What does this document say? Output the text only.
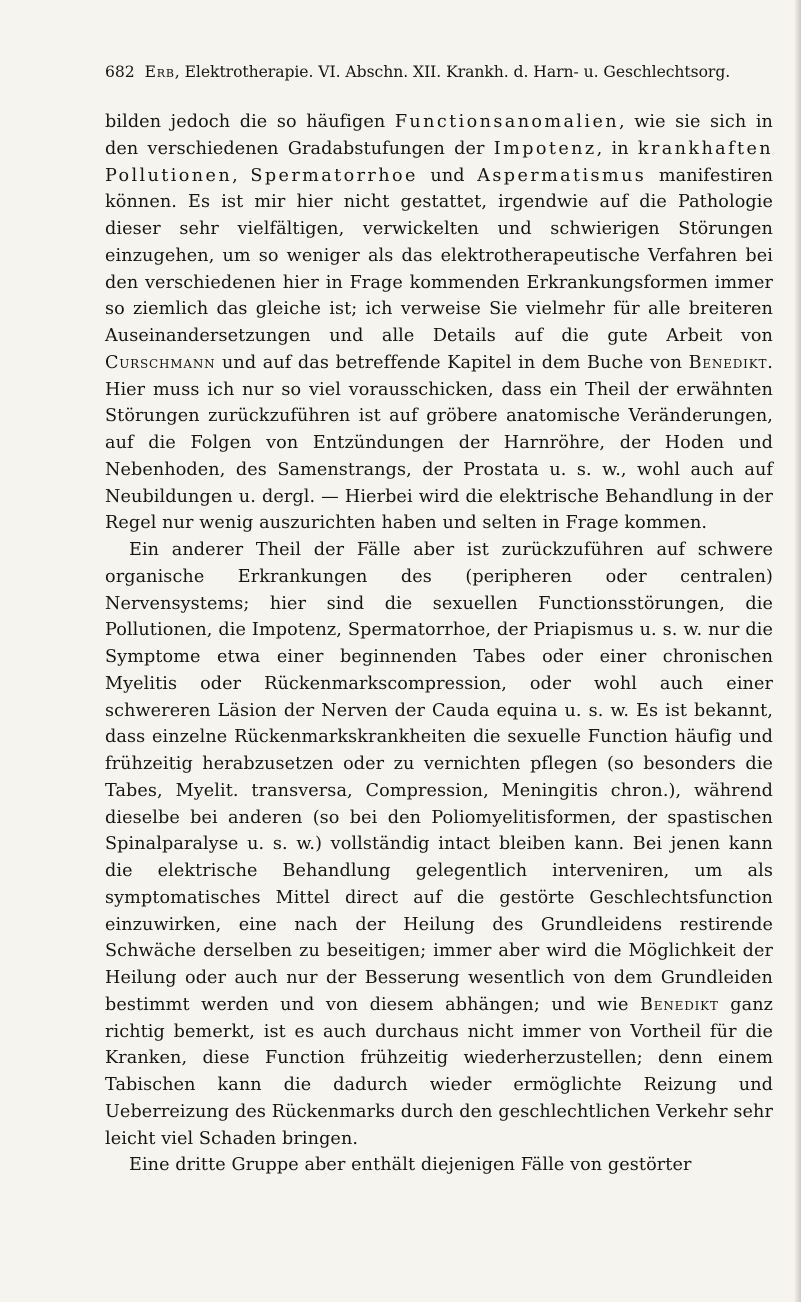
682 Erb, Elektrotherapie. VI. Abschn. XII. Krankh. d. Harn- u. Geschlechtsorg.

bilden jedoch die so häufigen Functionsanomalien, wie sie sich in den verschiedenen Gradabstufungen der Impotenz, in krankhaften Pollutionen, Spermatorrhoe und Aspermatismus manifestiren können. Es ist mir hier nicht gestattet, irgendwie auf die Pathologie dieser sehr vielfältigen, verwickelten und schwierigen Störungen einzugehen, um so weniger als das elektrotherapeutische Verfahren bei den verschiedenen hier in Frage kommenden Erkrankungsformen immer so ziemlich das gleiche ist; ich verweise Sie vielmehr für alle breiteren Auseinandersetzungen und alle Details auf die gute Arbeit von Curschmann und auf das betreffende Kapitel in dem Buche von Benedikt. Hier muss ich nur so viel vorausschicken, dass ein Theil der erwähnten Störungen zurückzuführen ist auf gröbere anatomische Veränderungen, auf die Folgen von Entzündungen der Harnröhre, der Hoden und Nebenhoden, des Samenstrangs, der Prostata u. s. w., wohl auch auf Neubildungen u. dergl. — Hierbei wird die elektrische Behandlung in der Regel nur wenig auszurichten haben und selten in Frage kommen.

Ein anderer Theil der Fälle aber ist zurückzuführen auf schwere organische Erkrankungen des (peripheren oder centralen) Nervensystems; hier sind die sexuellen Functionsstörungen, die Pollutionen, die Impotenz, Spermatorrhoe, der Priapismus u. s. w. nur die Symptome etwa einer beginnenden Tabes oder einer chronischen Myelitis oder Rückenmarkscompression, oder wohl auch einer schwereren Läsion der Nerven der Cauda equina u. s. w. Es ist bekannt, dass einzelne Rückenmarkskrankheiten die sexuelle Function häufig und frühzeitig herabzusetzen oder zu vernichten pflegen (so besonders die Tabes, Myelit. transversa, Compression, Meningitis chron.), während dieselbe bei anderen (so bei den Poliomyelitisformen, der spastischen Spinalparalyse u. s. w.) vollständig intact bleiben kann. Bei jenen kann die elektrische Behandlung gelegentlich interveniren, um als symptomatisches Mittel direct auf die gestörte Geschlechtsfunction einzuwirken, eine nach der Heilung des Grundleidens restirende Schwäche derselben zu beseitigen; immer aber wird die Möglichkeit der Heilung oder auch nur der Besserung wesentlich von dem Grundleiden bestimmt werden und von diesem abhängen; und wie Benedikt ganz richtig bemerkt, ist es auch durchaus nicht immer von Vortheil für die Kranken, diese Function frühzeitig wiederherzustellen; denn einem Tabischen kann die dadurch wieder ermöglichte Reizung und Ueberreizung des Rückenmarks durch den geschlechtlichen Verkehr sehr leicht viel Schaden bringen.

Eine dritte Gruppe aber enthält diejenigen Fälle von gestörter
